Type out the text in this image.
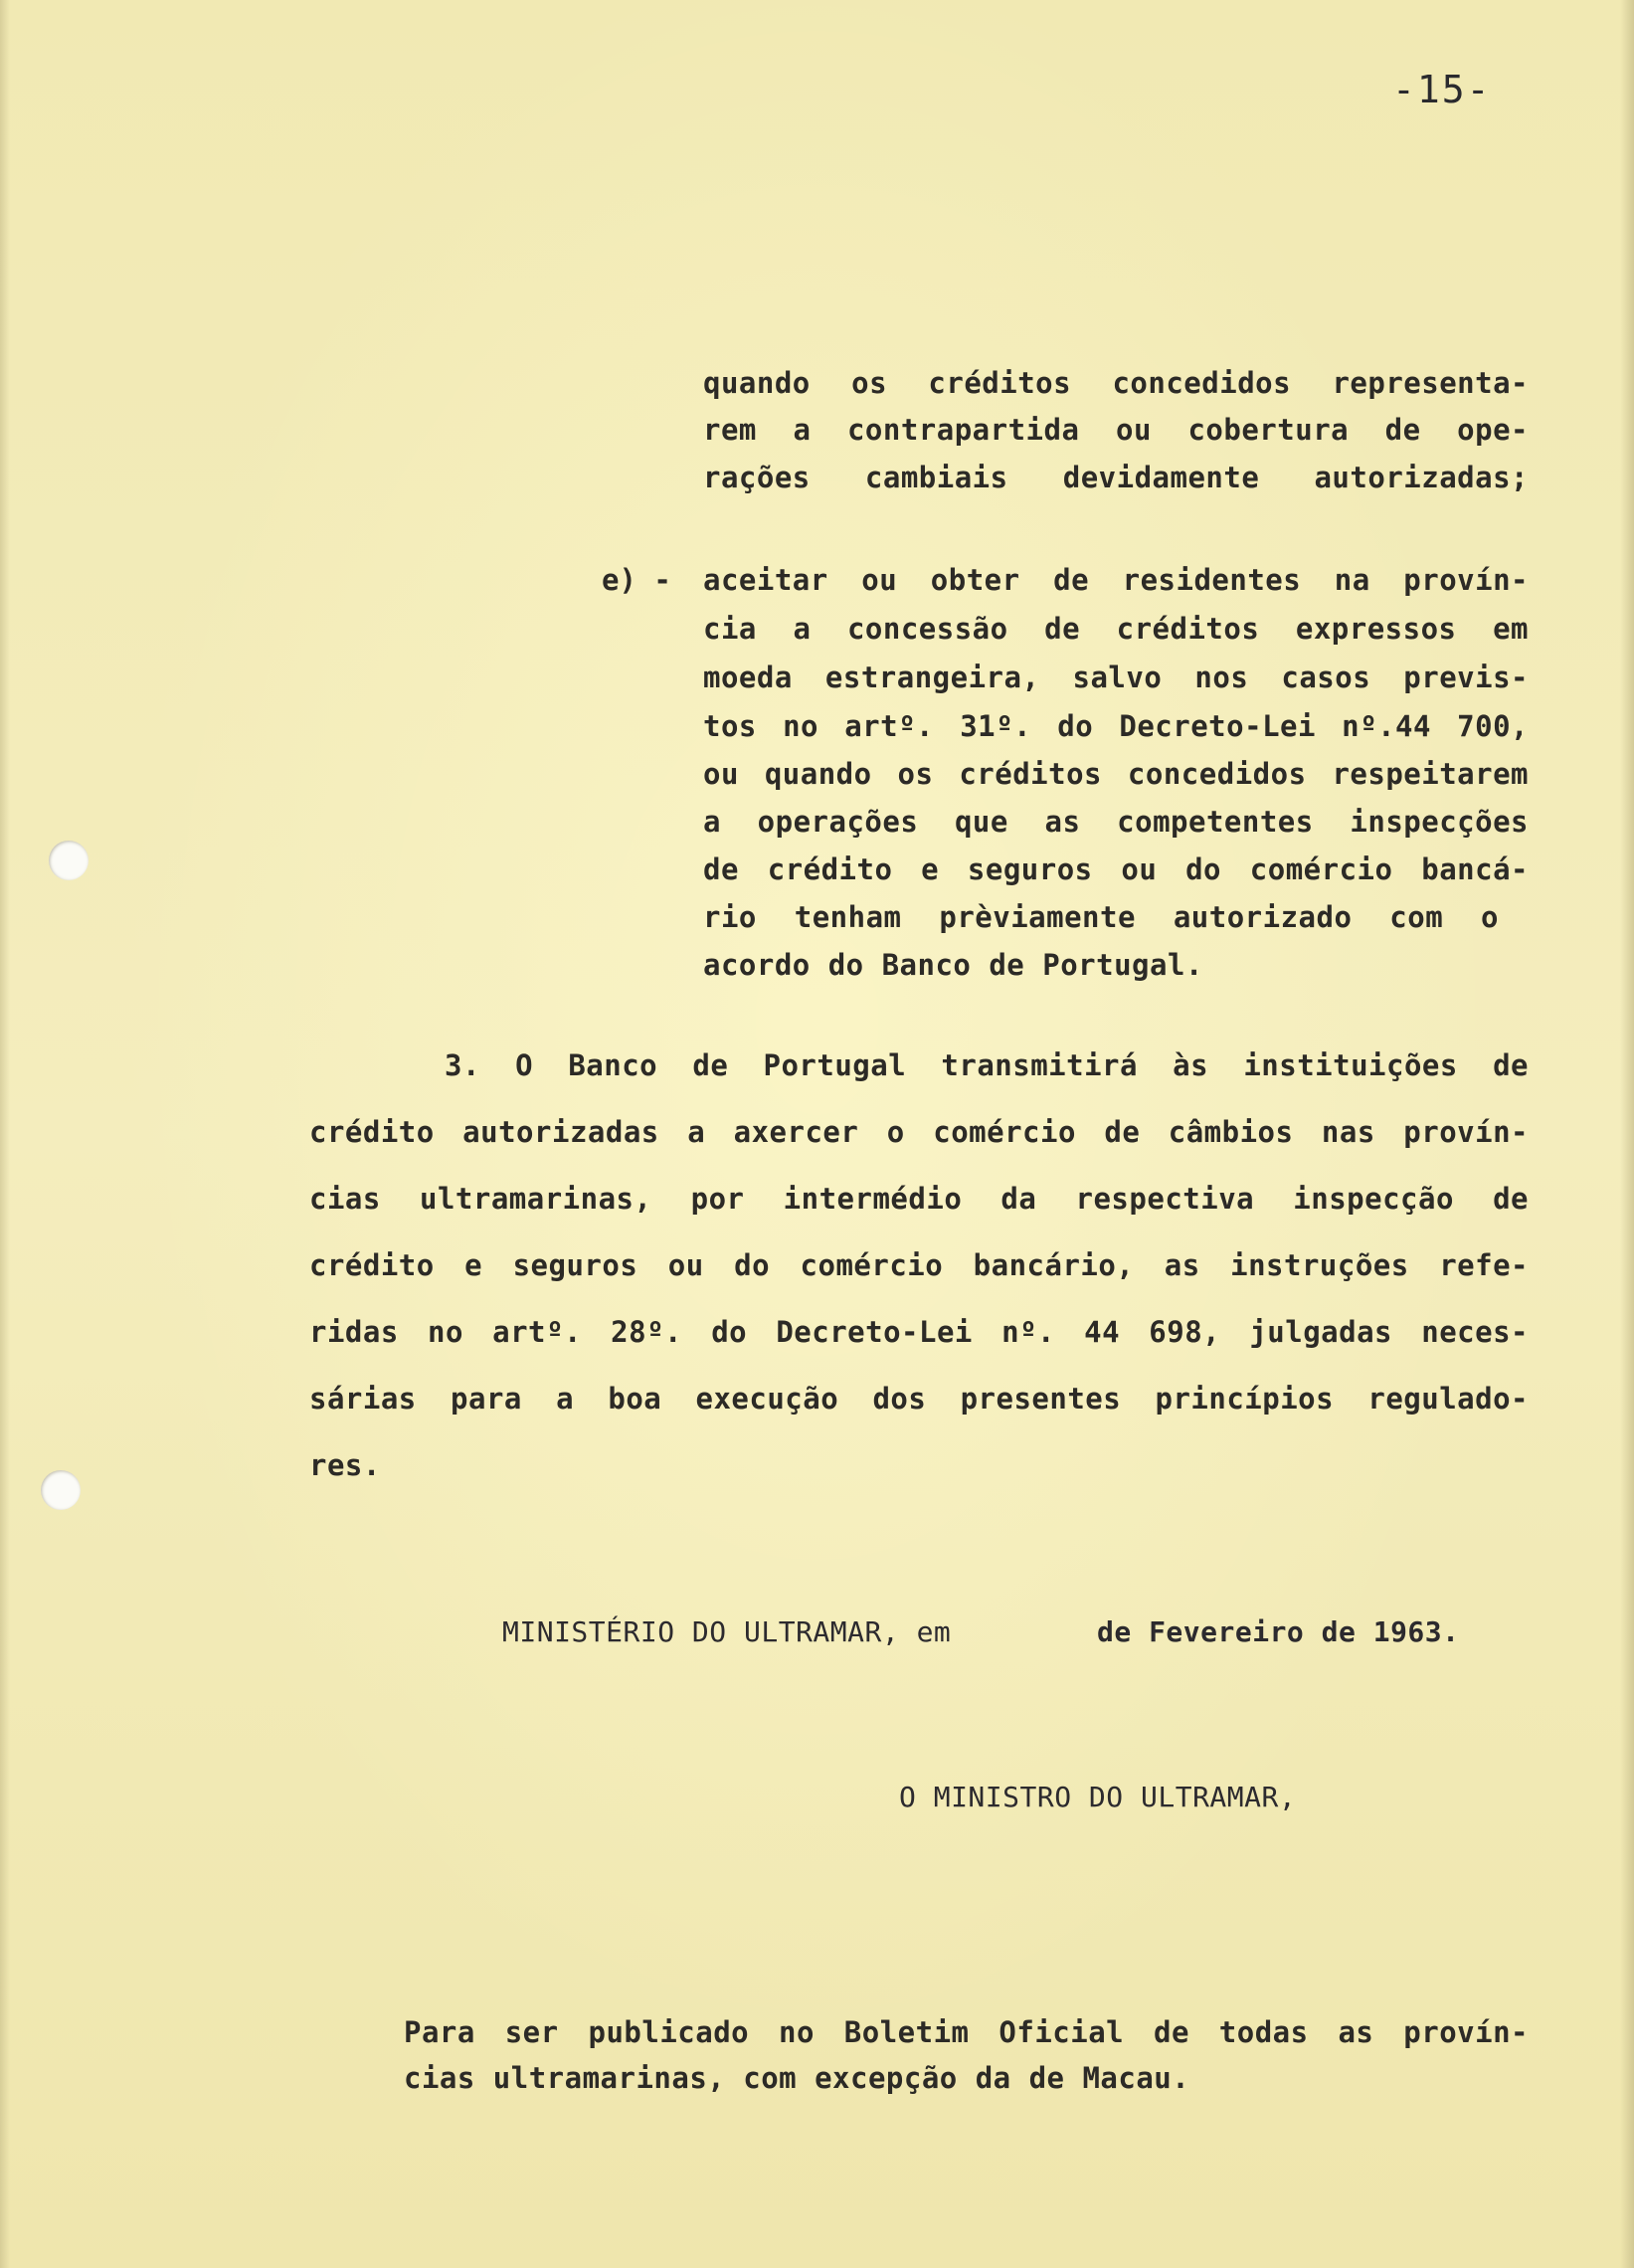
-15-
quando os créditos concedidos representa-
rem a contrapartida ou cobertura de ope-
rações cambiais devidamente autorizadas;
e) - aceitar ou obter de residentes na provín-
cia a concessão de créditos expressos em
moeda estrangeira, salvo nos casos previs-
tos no artº. 31º. do Decreto-Lei nº.44 700,
ou quando os créditos concedidos respeitarem
a operações que as competentes inspecções
de crédito e seguros ou do comércio bancá-
rio tenham prèviamente autorizado com o
acordo do Banco de Portugal.
3. O Banco de Portugal transmitirá às instituições de
crédito autorizadas a axercer o comércio de câmbios nas provín-
cias ultramarinas, por intermédio da respectiva inspecção de
crédito e seguros ou do comércio bancário, as instruções refe-
ridas no artº. 28º. do Decreto-Lei nº. 44 698, julgadas neces-
sárias para a boa execução dos presentes princípios regulado-
res.
MINISTÉRIO DO ULTRAMAR, em	de Fevereiro de 1963.
O MINISTRO DO ULTRAMAR,
Para ser publicado no Boletim Oficial de todas as provín-
cias ultramarinas, com excepção da de Macau.
